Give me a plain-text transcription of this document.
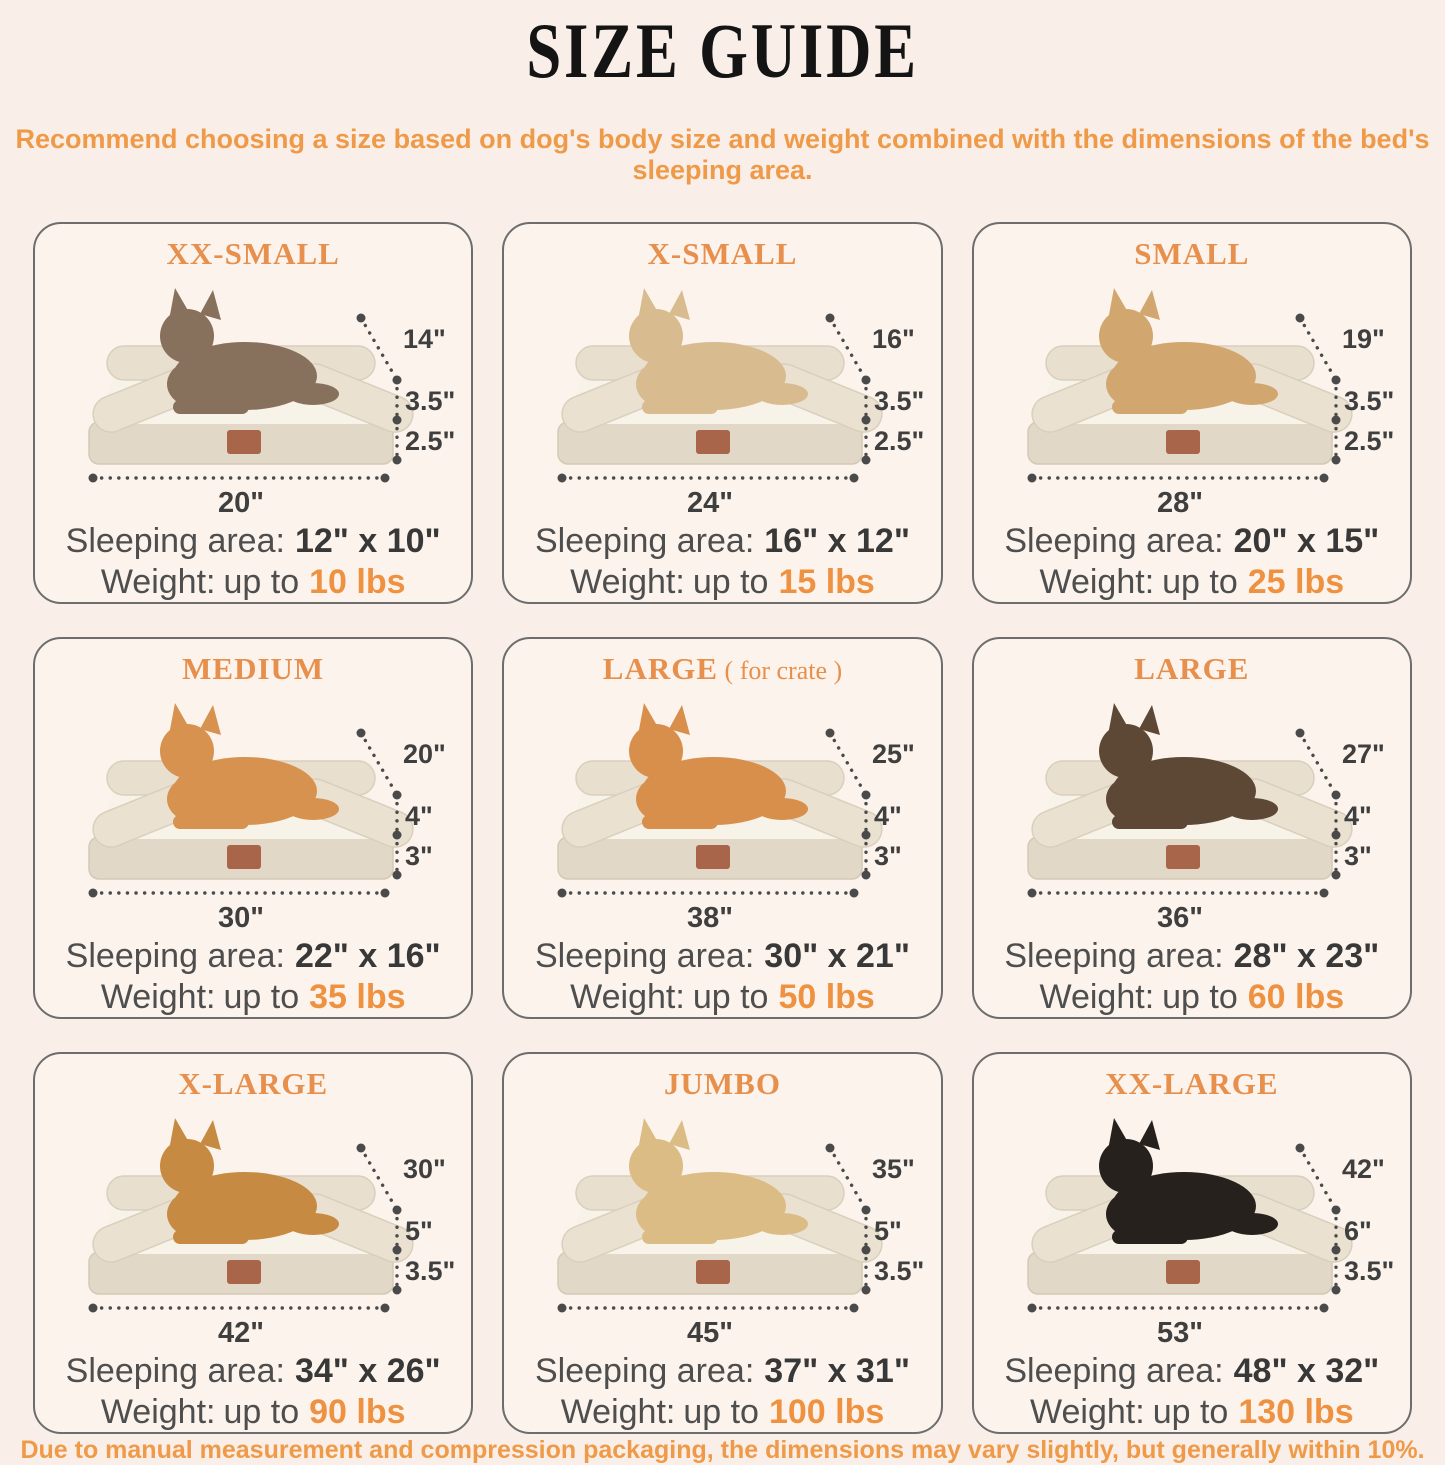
SIZE GUIDE

Recommend choosing a size based on dog's body size and weight combined with the dimensions of the bed's sleeping area.

XX-SMALL
14"
3.5"
2.5"
20"
Sleeping area: 12" x 10"
Weight: up to 10 lbs
X-SMALL
16"
3.5"
2.5"
24"
Sleeping area: 16" x 12"
Weight: up to 15 lbs
SMALL
19"
3.5"
2.5"
28"
Sleeping area: 20" x 15"
Weight: up to 25 lbs
MEDIUM
20"
4"
3"
30"
Sleeping area: 22" x 16"
Weight: up to 35 lbs
LARGE ( for crate )
25"
4"
3"
38"
Sleeping area: 30" x 21"
Weight: up to 50 lbs
LARGE
27"
4"
3"
36"
Sleeping area: 28" x 23"
Weight: up to 60 lbs
X-LARGE
30"
5"
3.5"
42"
Sleeping area: 34" x 26"
Weight: up to 90 lbs
JUMBO
35"
5"
3.5"
45"
Sleeping area: 37" x 31"
Weight: up to 100 lbs
XX-LARGE
42"
6"
3.5"
53"
Sleeping area: 48" x 32"
Weight: up to 130 lbs

Due to manual measurement and compression packaging, the dimensions may vary slightly, but generally within 10%.
